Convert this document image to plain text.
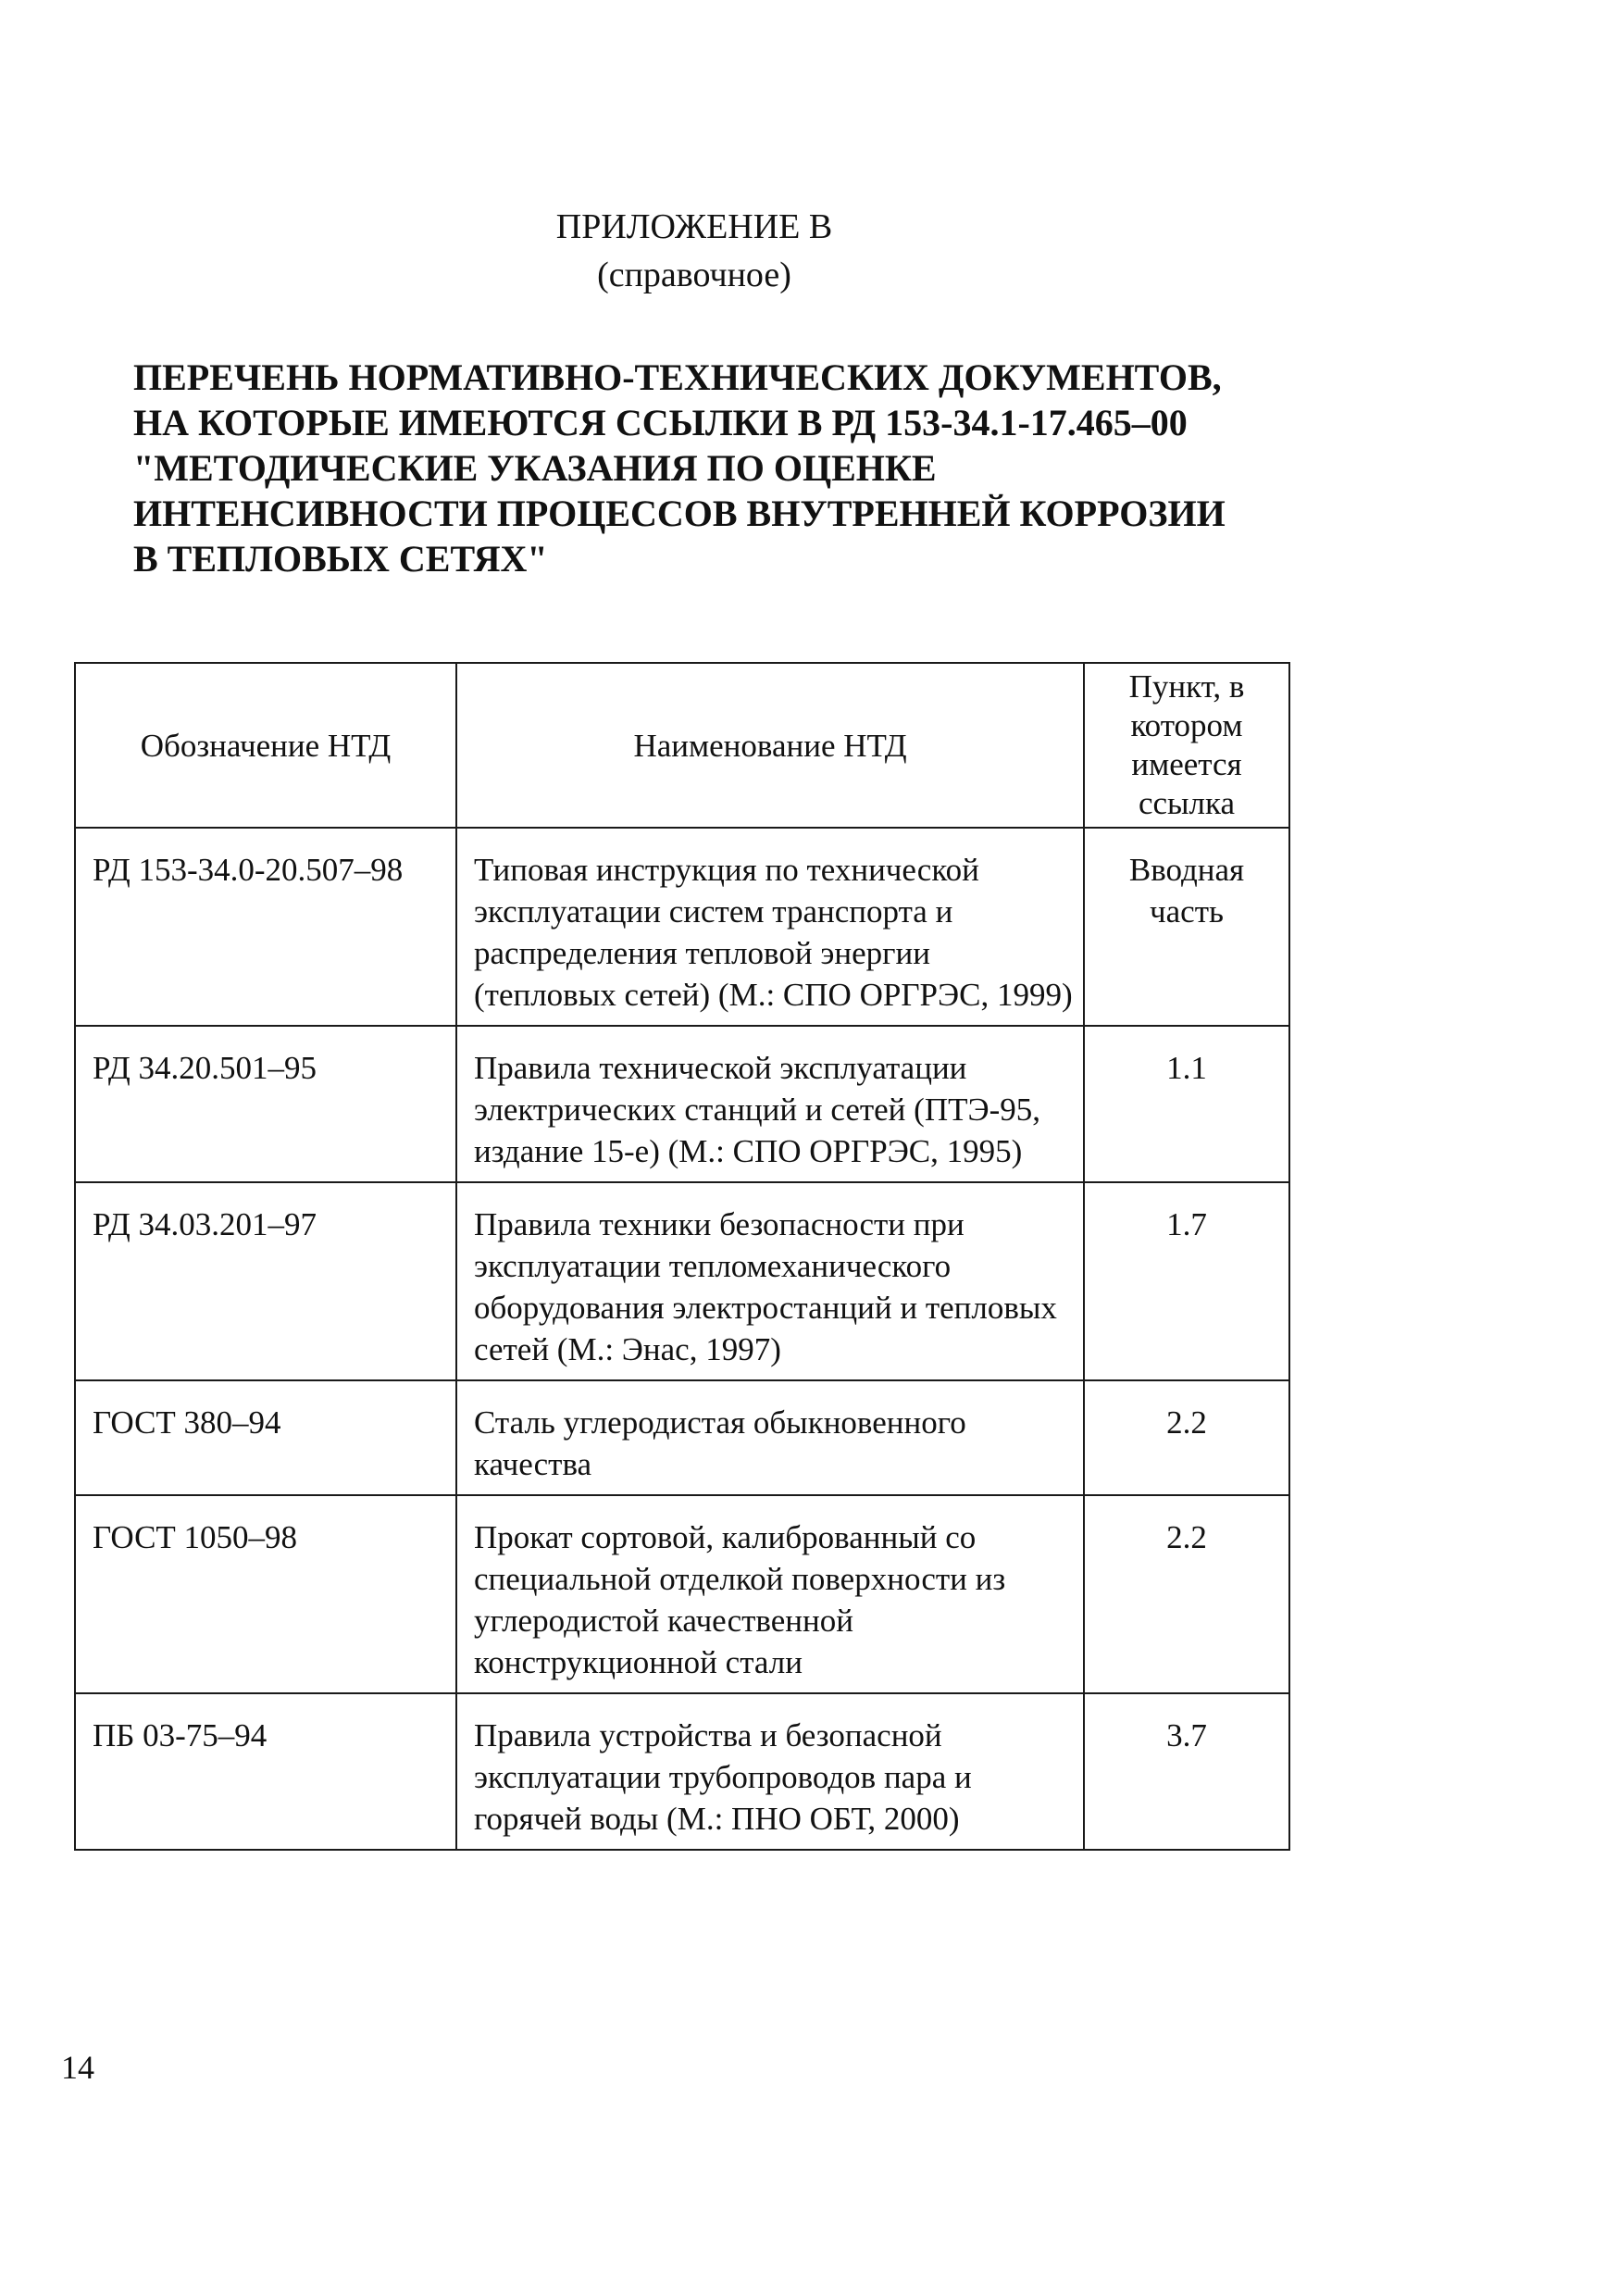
ПРИЛОЖЕНИЕ В
(справочное)
ПЕРЕЧЕНЬ НОРМАТИВНО-ТЕХНИЧЕСКИХ ДОКУМЕНТОВ,
НА КОТОРЫЕ ИМЕЮТСЯ ССЫЛКИ В РД 153-34.1-17.465–00
"МЕТОДИЧЕСКИЕ УКАЗАНИЯ ПО ОЦЕНКЕ
ИНТЕНСИВНОСТИ ПРОЦЕССОВ ВНУТРЕННЕЙ КОРРОЗИИ
В ТЕПЛОВЫХ СЕТЯХ"
Обозначение НТД	Наименование НТД	Пункт, в котором имеется ссылка
РД 153-34.0-20.507–98	Типовая инструкция по технической эксплуатации систем транспорта и распределения тепловой энергии (тепловых сетей) (М.: СПО ОРГРЭС, 1999)	Вводная часть
РД 34.20.501–95	Правила технической эксплуатации электрических станций и сетей (ПТЭ-95, издание 15-е) (М.: СПО ОРГРЭС, 1995)	1.1
РД 34.03.201–97	Правила техники безопасности при эксплуатации тепломеханического оборудования электростанций и тепловых сетей (М.: Энас, 1997)	1.7
ГОСТ 380–94	Сталь углеродистая обыкновенного качества	2.2
ГОСТ 1050–98	Прокат сортовой, калиброванный со специальной отделкой поверхности из углеродистой качественной конструкционной стали	2.2
ПБ 03-75–94	Правила устройства и безопасной эксплуатации трубопроводов пара и горячей воды (М.: ПНО ОБТ, 2000)	3.7
14
